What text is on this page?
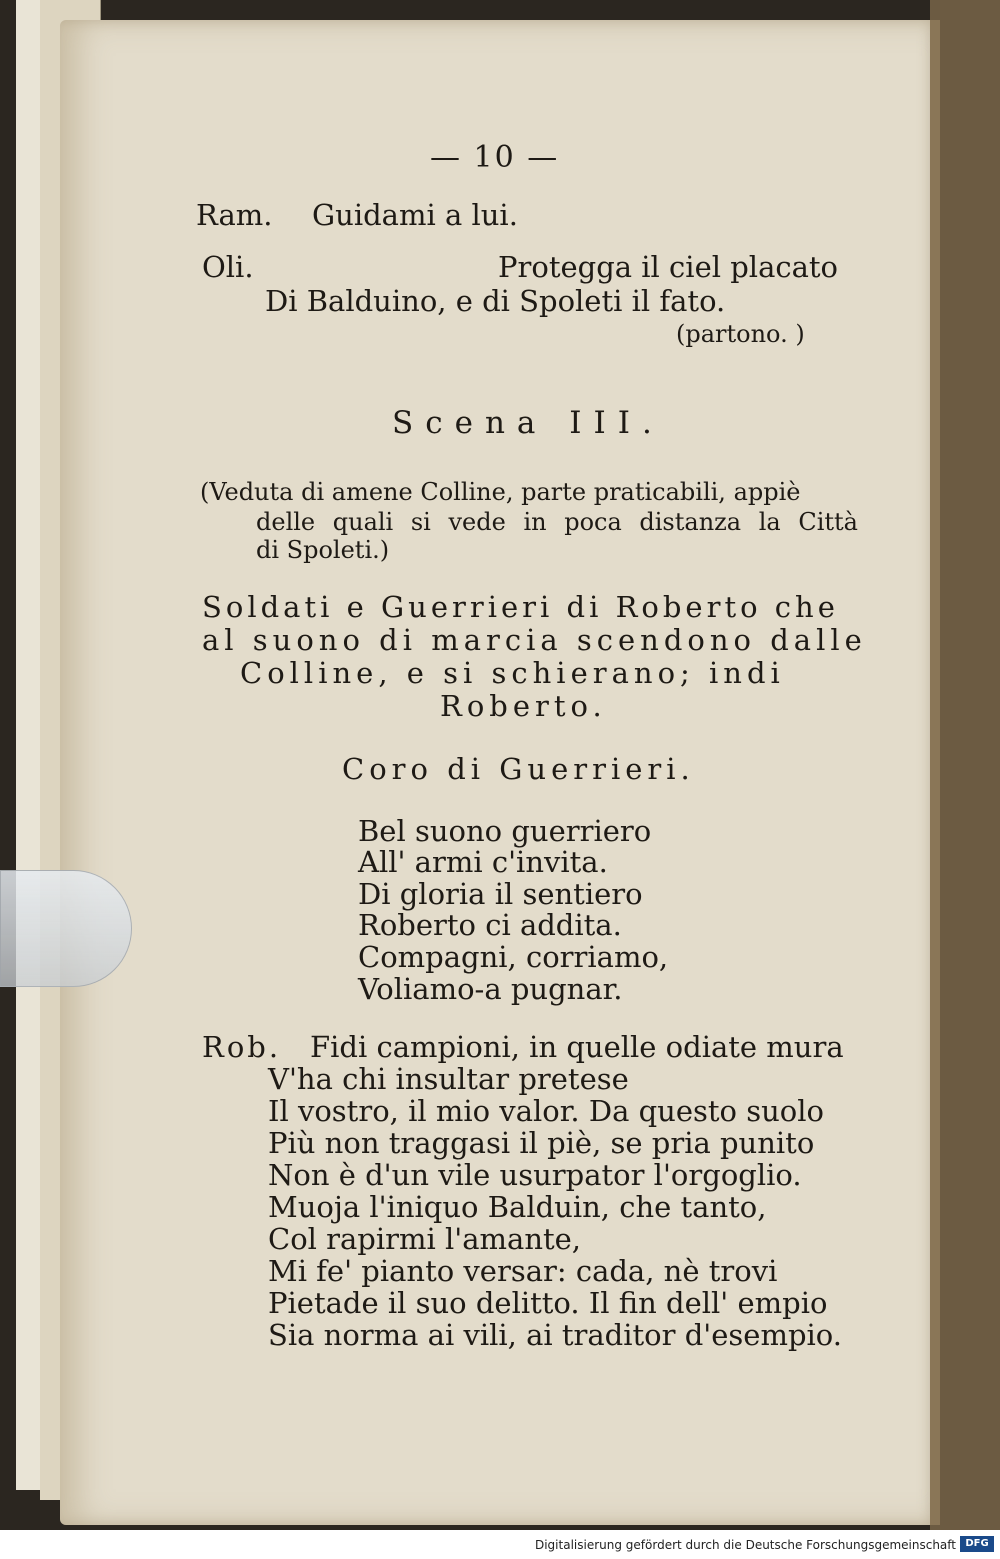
— 10 —
Ram. Guidami a lui.
Oli.	Protegga il ciel placato
Di Balduino, e di Spoleti il fato.
(partono. )
Scena III.
(Veduta di amene Colline, parte praticabili, appiè
delle quali si vede in poca distanza la Città
di Spoleti.)
Soldati e Guerrieri di Roberto che
al suono di marcia scendono dalle
Colline, e si schierano; indi
Roberto.
Coro di Guerrieri.
Bel suono guerriero
All' armi c'invita.
Di gloria il sentiero
Roberto ci addita.
Compagni, corriamo,
Voliamo-a pugnar.
Rob. Fidi campioni, in quelle odiate mura
V'ha chi insultar pretese
Il vostro, il mio valor. Da questo suolo
Più non traggasi il piè, se pria punito
Non è d'un vile usurpator l'orgoglio.
Muoja l'iniquo Balduin, che tanto,
Col rapirmi l'amante,
Mi fe' pianto versar: cada, nè trovi
Pietade il suo delitto. Il fin dell' empio
Sia norma ai vili, ai traditor d'esempio.
Digitalisierung gefördert durch die Deutsche Forschungsgemeinschaft DFG
